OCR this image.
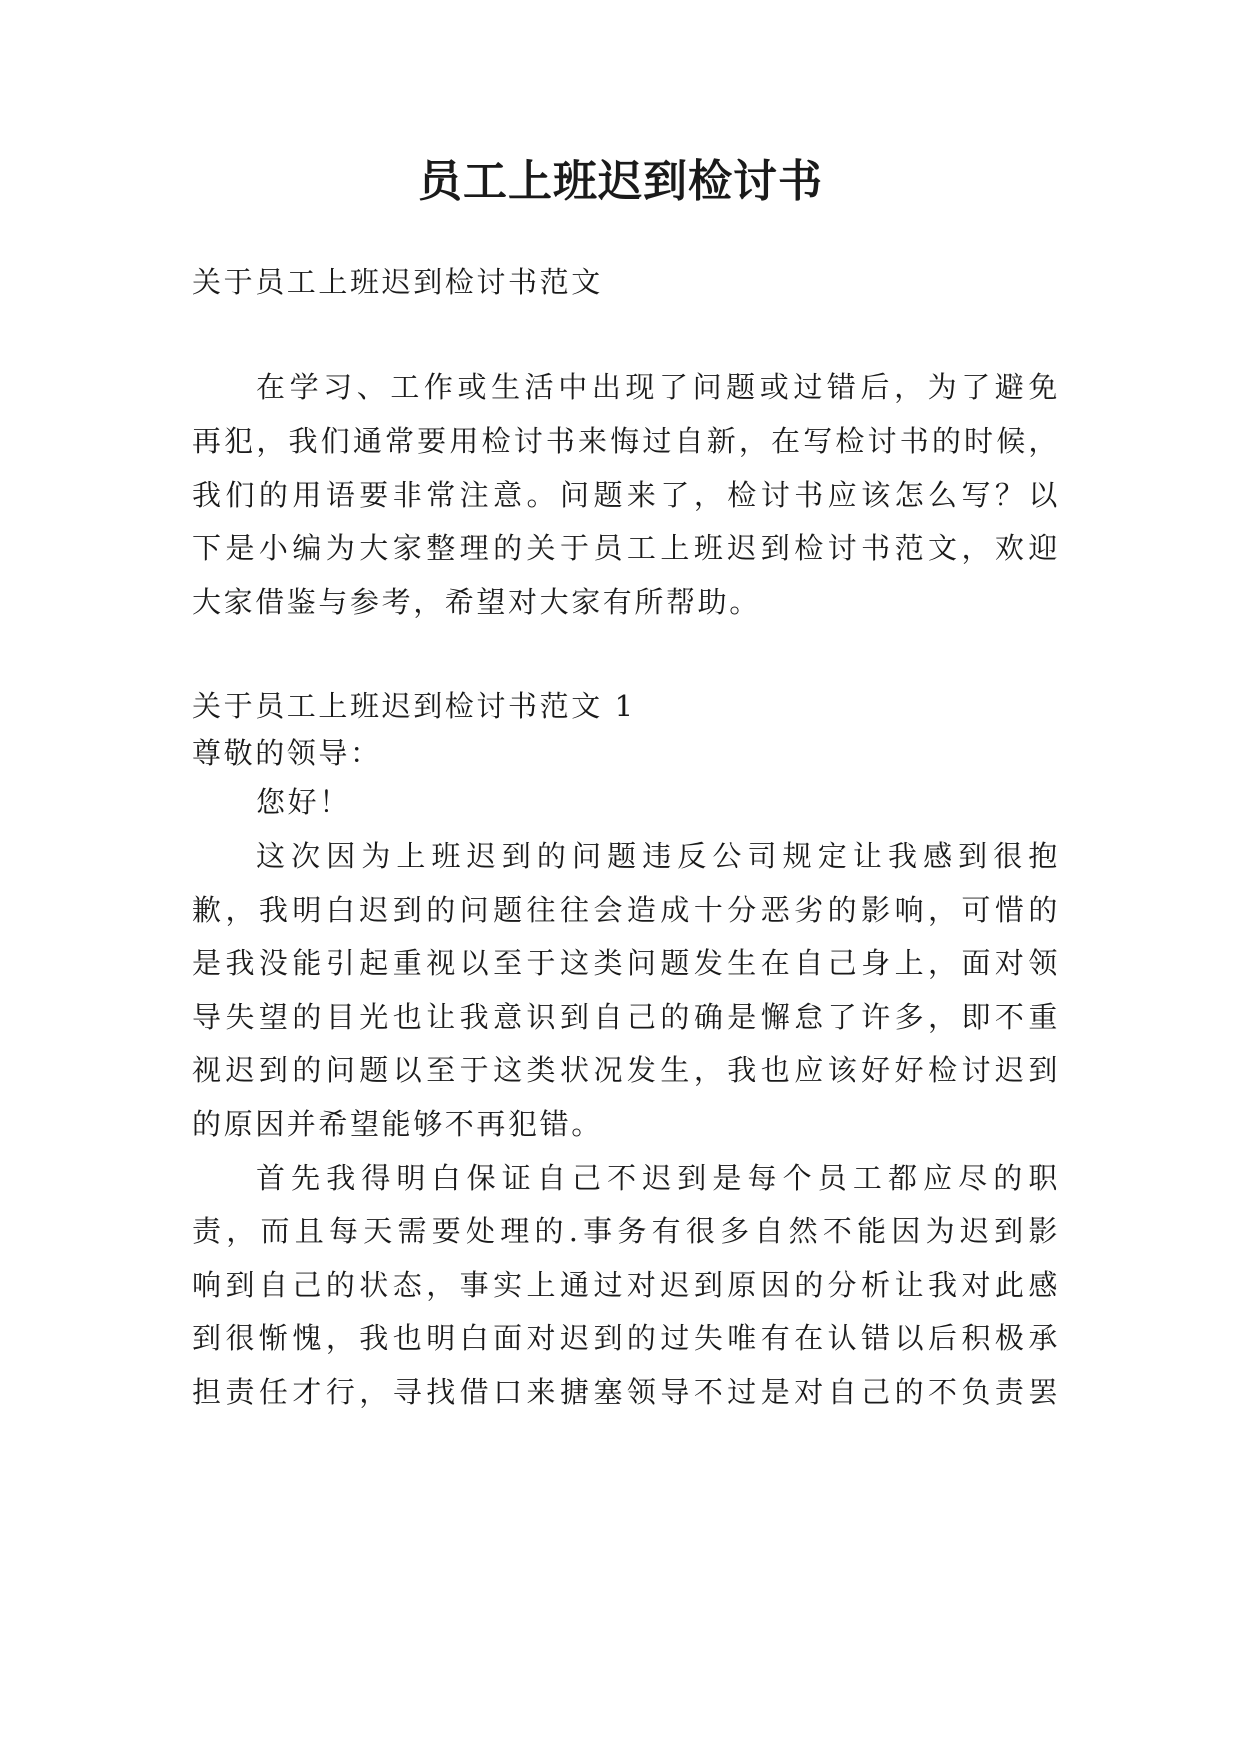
员工上班迟到检讨书
关于员工上班迟到检讨书范文
在学习、工作或生活中出现了问题或过错后，为了避免
再犯，我们通常要用检讨书来悔过自新，在写检讨书的时候，
我们的用语要非常注意。问题来了，检讨书应该怎么写？以
下是小编为大家整理的关于员工上班迟到检讨书范文，欢迎
大家借鉴与参考，希望对大家有所帮助。
关于员工上班迟到检讨书范文 1
尊敬的领导：
您好！
这次因为上班迟到的问题违反公司规定让我感到很抱
歉，我明白迟到的问题往往会造成十分恶劣的影响，可惜的
是我没能引起重视以至于这类问题发生在自己身上，面对领
导失望的目光也让我意识到自己的确是懈怠了许多，即不重
视迟到的问题以至于这类状况发生，我也应该好好检讨迟到
的原因并希望能够不再犯错。
首先我得明白保证自己不迟到是每个员工都应尽的职
责，而且每天需要处理的.事务有很多自然不能因为迟到影
响到自己的状态，事实上通过对迟到原因的分析让我对此感
到很惭愧，我也明白面对迟到的过失唯有在认错以后积极承
担责任才行，寻找借口来搪塞领导不过是对自己的不负责罢
